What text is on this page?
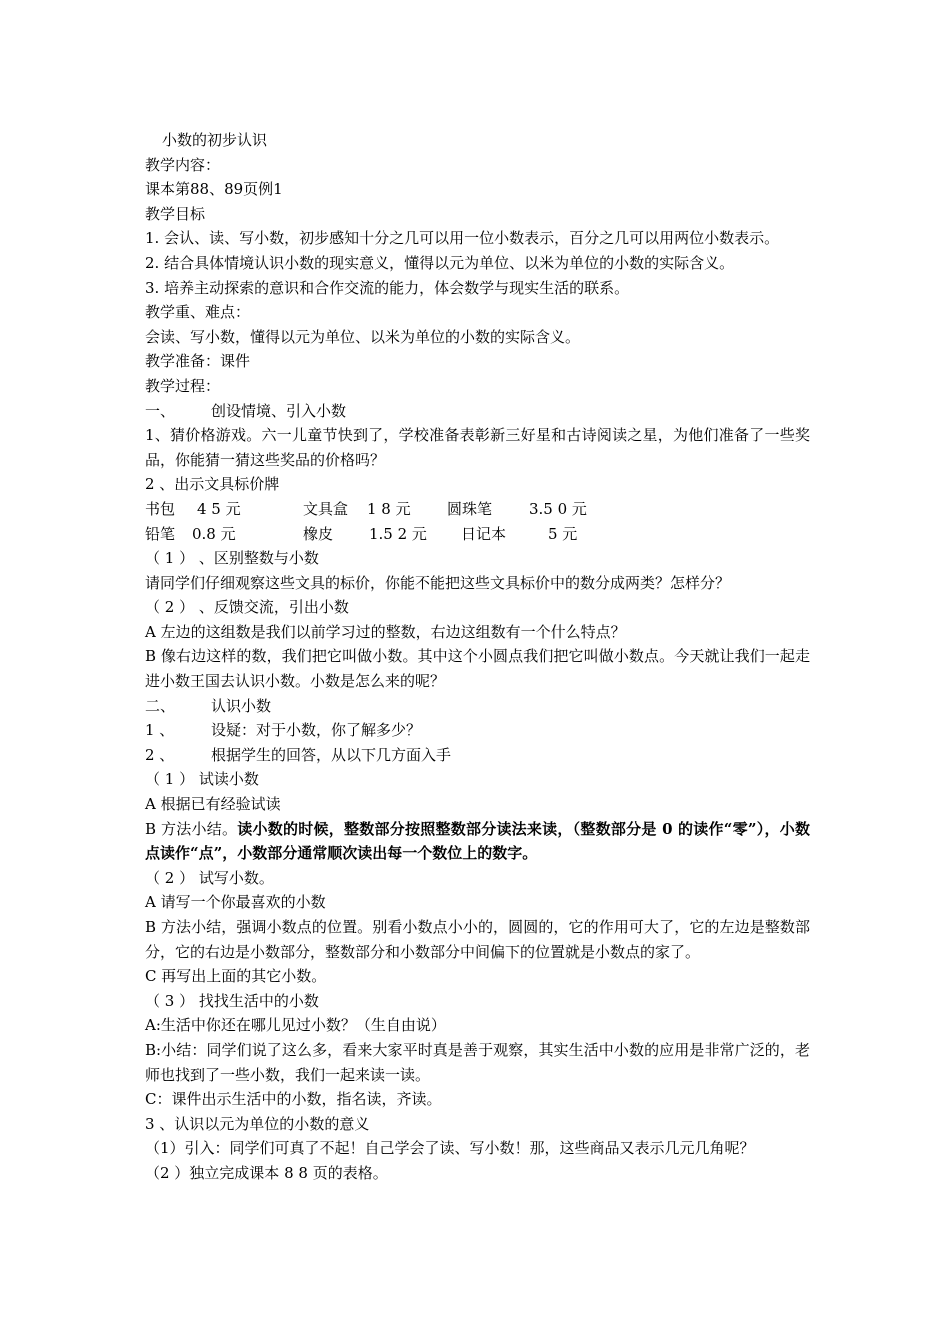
小数的初步认识
教学内容：
课本第88、89页例1
教学目标
1. 会认、读、写小数，初步感知十分之几可以用一位小数表示，百分之几可以用两位小数表示。
2. 结合具体情境认识小数的现实意义，懂得以元为单位、以米为单位的小数的实际含义。
3. 培养主动探索的意识和合作交流的能力，体会数学与现实生活的联系。
教学重、难点：
会读、写小数，懂得以元为单位、以米为单位的小数的实际含义。
教学准备：课件
教学过程：
一、 创设情境、引入小数
1、猜价格游戏。六一儿童节快到了，学校准备表彰新三好星和古诗阅读之星，为他们准备了一些奖品，你能猜一猜这些奖品的价格吗？
2 、出示文具标价牌
书包 4 5 元	文具盒 1 8 元 圆珠笔 3.5 0 元
铅笔 0.8 元	橡皮 1.5 2 元 日记本	5 元
（ 1 ） 、区别整数与小数
请同学们仔细观察这些文具的标价，你能不能把这些文具标价中的数分成两类？怎样分？
（ 2 ） 、反馈交流，引出小数
A 左边的这组数是我们以前学习过的整数，右边这组数有一个什么特点？
B 像右边这样的数，我们把它叫做小数。其中这个小圆点我们把它叫做小数点。今天就让我们一起走进小数王国去认识小数。小数是怎么来的呢？
二、 认识小数
1 、 设疑：对于小数，你了解多少？
2 、 根据学生的回答，从以下几方面入手
（ 1 ） 试读小数
A 根据已有经验试读
B 方法小结。读小数的时候，整数部分按照整数部分读法来读，（整数部分是 0 的读作“零”），小数点读作“点”，小数部分通常顺次读出每一个数位上的数字。
（ 2 ） 试写小数。
A 请写一个你最喜欢的小数
B 方法小结，强调小数点的位置。别看小数点小小的，圆圆的，它的作用可大了，它的左边是整数部分，它的右边是小数部分，整数部分和小数部分中间偏下的位置就是小数点的家了。
C 再写出上面的其它小数。
（ 3 ） 找找生活中的小数
A:生活中你还在哪儿见过小数？（生自由说）
B:小结：同学们说了这么多，看来大家平时真是善于观察，其实生活中小数的应用是非常广泛的，老师也找到了一些小数，我们一起来读一读。
C：课件出示生活中的小数，指名读，齐读。
3 、认识以元为单位的小数的意义
（1）引入：同学们可真了不起！自己学会了读、写小数！那，这些商品又表示几元几角呢？
（2 ）独立完成课本 8 8 页的表格。
